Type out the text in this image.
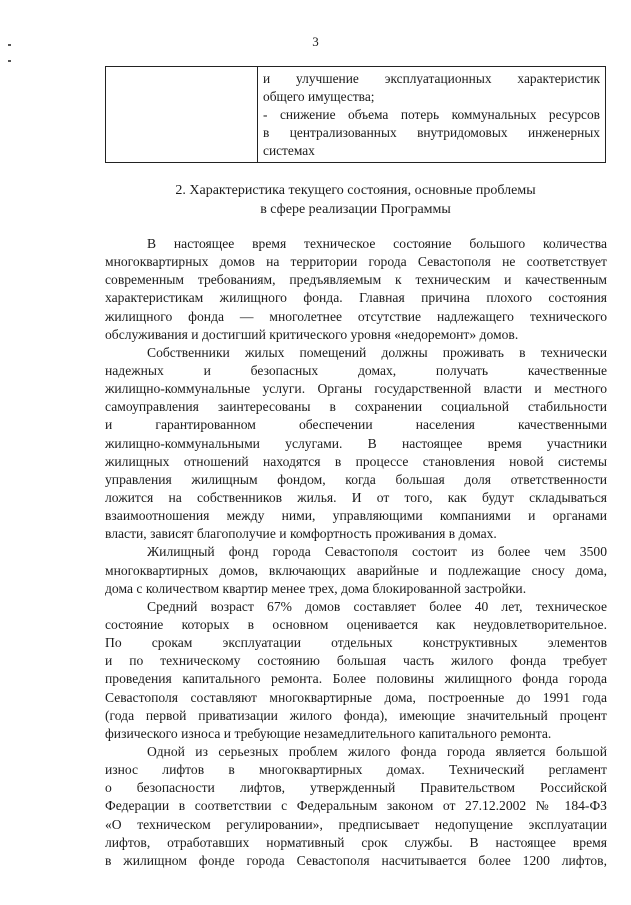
3

и улучшение эксплуатационных характеристик
общего имущества;
- снижение объема потерь коммунальных ресурсов
в централизованных внутридомовых инженерных
системах
2. Характеристика текущего состояния, основные проблемы
в сфере реализации Программы
В настоящее время техническое состояние большого количества
многоквартирных домов на территории города Севастополя не соответствует
современным требованиям, предъявляемым к техническим и качественным
характеристикам жилищного фонда. Главная причина плохого состояния
жилищного фонда — многолетнее отсутствие надлежащего технического
обслуживания и достигший критического уровня «недоремонт» домов.
Собственники жилых помещений должны проживать в технически
надежных и безопасных домах, получать качественные
жилищно-коммунальные услуги. Органы государственной власти и местного
самоуправления заинтересованы в сохранении социальной стабильности
и гарантированном обеспечении населения качественными
жилищно-коммунальными услугами. В настоящее время участники
жилищных отношений находятся в процессе становления новой системы
управления жилищным фондом, когда большая доля ответственности
ложится на собственников жилья. И от того, как будут складываться
взаимоотношения между ними, управляющими компаниями и органами
власти, зависят благополучие и комфортность проживания в домах.
Жилищный фонд города Севастополя состоит из более чем 3500
многоквартирных домов, включающих аварийные и подлежащие сносу дома,
дома с количеством квартир менее трех, дома блокированной застройки.
Средний возраст 67% домов составляет более 40 лет, техническое
состояние которых в основном оценивается как неудовлетворительное.
По срокам эксплуатации отдельных конструктивных элементов
и по техническому состоянию большая часть жилого фонда требует
проведения капитального ремонта. Более половины жилищного фонда города
Севастополя составляют многоквартирные дома, построенные до 1991 года
(года первой приватизации жилого фонда), имеющие значительный процент
физического износа и требующие незамедлительного капитального ремонта.
Одной из серьезных проблем жилого фонда города является большой
износ лифтов в многоквартирных домах. Технический регламент
о безопасности лифтов, утвержденный Правительством Российской
Федерации в соответствии с Федеральным законом от 27.12.2002 № 184-ФЗ
«О техническом регулировании», предписывает недопущение эксплуатации
лифтов, отработавших нормативный срок службы. В настоящее время
в жилищном фонде города Севастополя насчитывается более 1200 лифтов,
